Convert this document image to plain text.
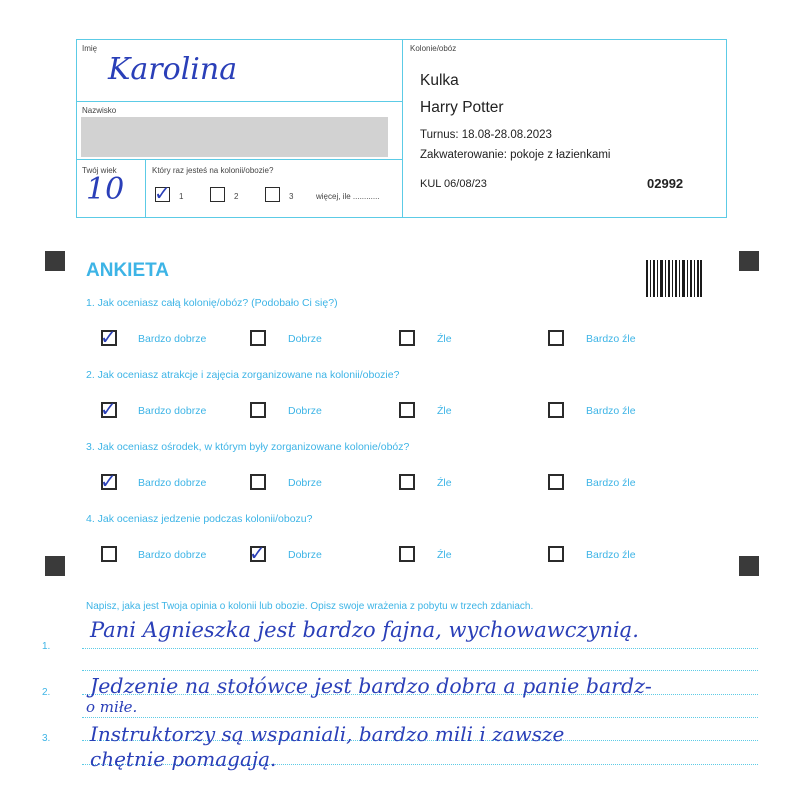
Imię
Karolina
Nazwisko
Twój wiek
10
Który raz jesteś na kolonii/obozie?
✓ 1	2	3	więcej, ile ............
Kolonie/obóz
Kulka
Harry Potter
Turnus: 18.08-28.08.2023
Zakwaterowanie: pokoje z łazienkami
KUL 06/08/23	02992
ANKIETA
1. Jak oceniasz całą kolonię/obóz? (Podobało Ci się?)
✓ Bardzo dobrze	Dobrze	Źle	Bardzo źle
2. Jak oceniasz atrakcje i zajęcia zorganizowane na kolonii/obozie?
✓ Bardzo dobrze	Dobrze	Źle	Bardzo źle
3. Jak oceniasz ośrodek, w którym były zorganizowane kolonie/obóz?
✓ Bardzo dobrze	Dobrze	Źle	Bardzo źle
4. Jak oceniasz jedzenie podczas kolonii/obozu?
Bardzo dobrze ✓ Dobrze	Źle	Bardzo źle
Napisz, jaka jest Twoja opinia o kolonii lub obozie. Opisz swoje wrażenia z pobytu w trzech zdaniach.
1.
2.
3.
Pani Agnieszka jest bardzo fajna, wychowawczynią.
Jedzenie na stołówce jest bardzo dobra a panie bardz-
o miłe.
Instruktorzy są wspaniali, bardzo mili i zawsze
chętnie pomagają.
